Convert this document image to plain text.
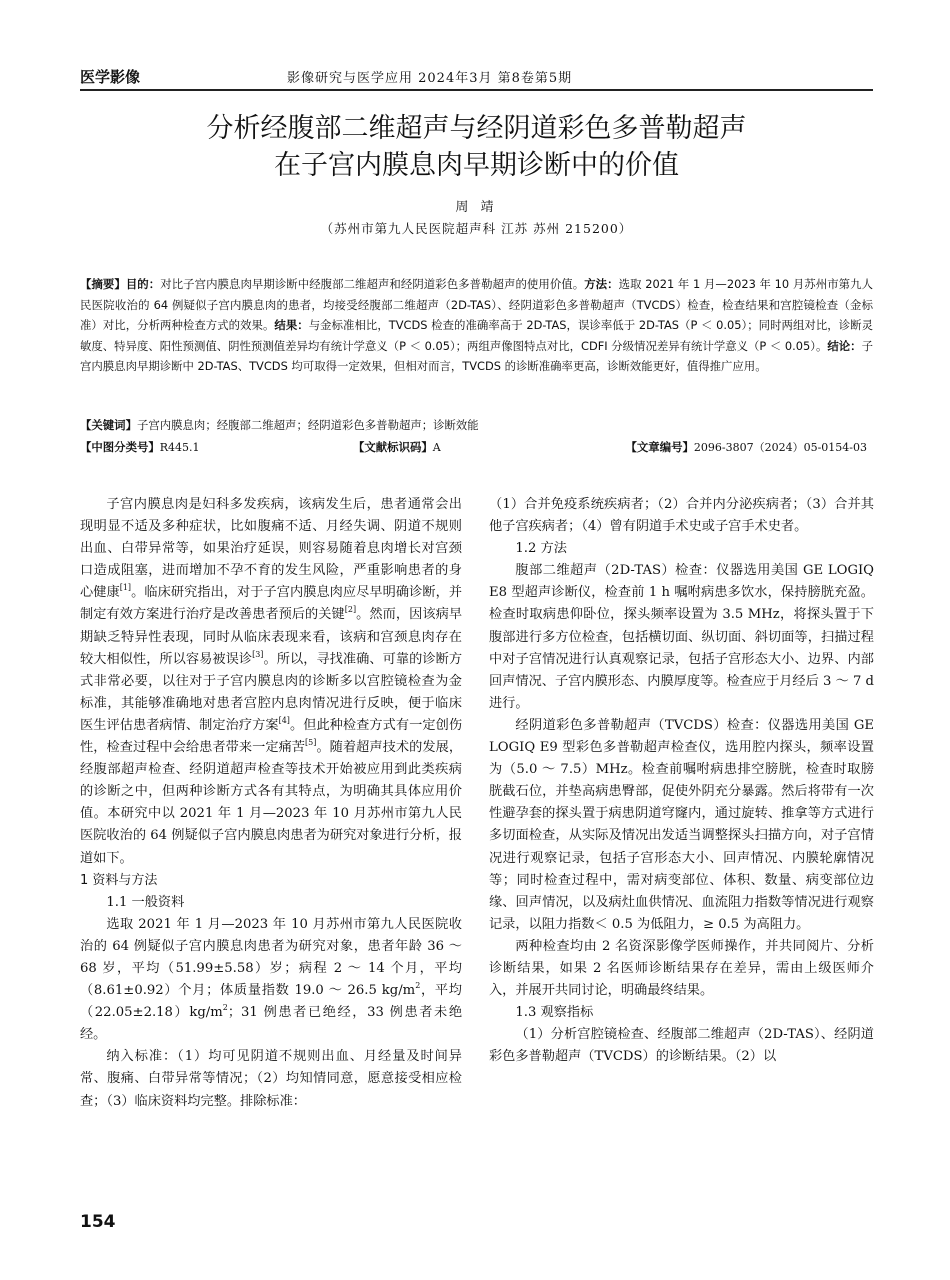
医学影像	影像研究与医学应用 2024年3月 第8卷第5期
分析经腹部二维超声与经阴道彩色多普勒超声
在子宫内膜息肉早期诊断中的价值
周 靖
（苏州市第九人民医院超声科 江苏 苏州 215200）

【摘要】目的：对比子宫内膜息肉早期诊断中经腹部二维超声和经阴道彩色多普勒超声的使用价值。方法：选取 2021 年 1 月—2023 年 10 月苏州市第九人民医院收治的 64 例疑似子宫内膜息肉的患者，均接受经腹部二维超声（2D-TAS）、经阴道彩色多普勒超声（TVCDS）检查，检查结果和宫腔镜检查（金标准）对比，分析两种检查方式的效果。结果：与金标准相比，TVCDS 检查的准确率高于 2D-TAS，误诊率低于 2D-TAS（P ＜ 0.05）；同时两组对比，诊断灵敏度、特异度、阳性预测值、阴性预测值差异均有统计学意义（P ＜ 0.05）；两组声像图特点对比，CDFI 分级情况差异有统计学意义（P ＜ 0.05）。结论：子宫内膜息肉早期诊断中 2D-TAS、TVCDS 均可取得一定效果，但相对而言，TVCDS 的诊断准确率更高，诊断效能更好，值得推广应用。

【关键词】子宫内膜息肉；经腹部二维超声；经阴道彩色多普勒超声；诊断效能
【中图分类号】R445.1	【文献标识码】A	【文章编号】2096-3807（2024）05-0154-03

子宫内膜息肉是妇科多发疾病，该病发生后，患者通常会出现明显不适及多种症状，比如腹痛不适、月经失调、阴道不规则出血、白带异常等，如果治疗延误，则容易随着息肉增长对宫颈口造成阻塞，进而增加不孕不育的发生风险，严重影响患者的身心健康[1]。临床研究指出，对于子宫内膜息肉应尽早明确诊断，并制定有效方案进行治疗是改善患者预后的关键[2]。然而，因该病早期缺乏特异性表现，同时从临床表现来看，该病和宫颈息肉存在较大相似性，所以容易被误诊[3]。所以，寻找准确、可靠的诊断方式非常必要，以往对于子宫内膜息肉的诊断多以宫腔镜检查为金标准，其能够准确地对患者宫腔内息肉情况进行反映，便于临床医生评估患者病情、制定治疗方案[4]。但此种检查方式有一定创伤性，检查过程中会给患者带来一定痛苦[5]。随着超声技术的发展，经腹部超声检查、经阴道超声检查等技术开始被应用到此类疾病的诊断之中，但两种诊断方式各有其特点，为明确其具体应用价值。本研究中以 2021 年 1 月—2023 年 10 月苏州市第九人民医院收治的 64 例疑似子宫内膜息肉患者为研究对象进行分析，报道如下。

1 资料与方法

1.1 一般资料

选取 2021 年 1 月—2023 年 10 月苏州市第九人民医院收治的 64 例疑似子宫内膜息肉患者为研究对象，患者年龄 36 ～ 68 岁，平均（51.99±5.58）岁；病程 2 ～ 14 个月，平均（8.61±0.92）个月；体质量指数 19.0 ～ 26.5 $kg/m^2$，平均$(22.05\pm 2.18)kg/m^2$；31 例患者已绝经，33 例患者未绝经。

纳入标准：（1）均可见阴道不规则出血、月经量及时间异常、腹痛、白带异常等情况；（2）均知情同意，愿意接受相应检查；（3）临床资料均完整。排除标准：

（1）合并免疫系统疾病者；（2）合并内分泌疾病者；（3）合并其他子宫疾病者；（4）曾有阴道手术史或子宫手术史者。

1.2 方法

腹部二维超声（2D-TAS）检查：仪器选用美国 GE LOGIQ E8 型超声诊断仪，检查前 1 h 嘱咐病患多饮水，保持膀胱充盈。检查时取病患仰卧位，探头频率设置为 3.5 MHz，将探头置于下腹部进行多方位检查，包括横切面、纵切面、斜切面等，扫描过程中对子宫情况进行认真观察记录，包括子宫形态大小、边界、内部回声情况、子宫内膜形态、内膜厚度等。检查应于月经后 3 ～ 7 d 进行。

经阴道彩色多普勒超声（TVCDS）检查：仪器选用美国 GE LOGIQ E9 型彩色多普勒超声检查仪，选用腔内探头，频率设置为（5.0 ～ 7.5）MHz。检查前嘱咐病患排空膀胱，检查时取膀胱截石位，并垫高病患臀部，促使外阴充分暴露。然后将带有一次性避孕套的探头置于病患阴道穹窿内，通过旋转、推拿等方式进行多切面检查，从实际及情况出发适当调整探头扫描方向，对子宫情况进行观察记录，包括子宫形态大小、回声情况、内膜轮廓情况等；同时检查过程中，需对病变部位、体积、数量、病变部位边缘、回声情况，以及病灶血供情况、血流阻力指数等情况进行观察记录，以阻力指数＜ 0.5 为低阻力，≥ 0.5 为高阻力。

两种检查均由 2 名资深影像学医师操作，并共同阅片、分析诊断结果，如果 2 名医师诊断结果存在差异，需由上级医师介入，并展开共同讨论，明确最终结果。

1.3 观察指标

（1）分析宫腔镜检查、经腹部二维超声（2D-TAS）、经阴道彩色多普勒超声（TVCDS）的诊断结果。（2）以

154
